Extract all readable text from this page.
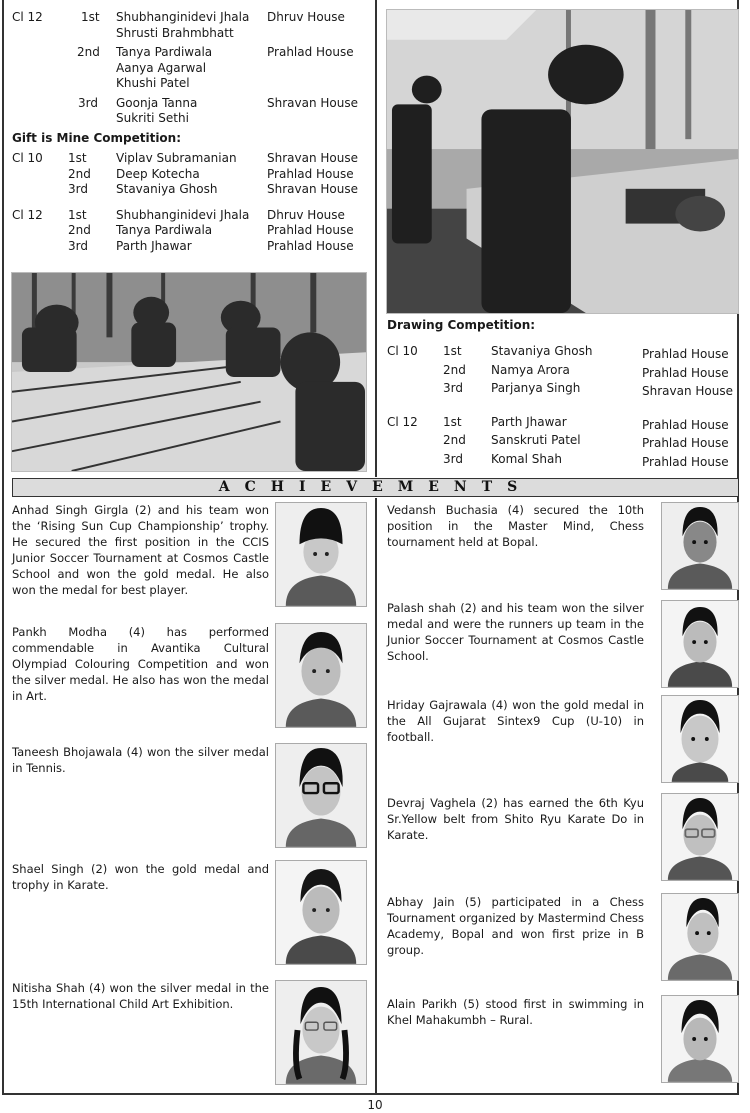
Cl 12	1st Shubhanginidevi Jhala Dhruv House
Shrusti Brahmbhatt
2nd Tanya Pardiwala	Prahlad House
Aanya Agarwal
Khushi Patel
3rd Goonja Tanna	Shravan House
Sukriti Sethi
Gift is Mine Competition:
Cl 10 1st Viplav Subramanian	Shravan House
2nd Deep Kotecha	Prahlad House
3rd Stavaniya Ghosh	Shravan House
Cl 12 1st Shubhanginidevi Jhala Dhruv House
2nd Tanya Pardiwala	Prahlad House
3rd Parth Jhawar	Prahlad House
Drawing Competition:
Cl 10 1st Stavaniya Ghosh	Prahlad House
2nd Namya Arora	Prahlad House
3rd Parjanya Singh	Shravan House
Cl 12 1st Parth Jhawar	Prahlad House
2nd Sanskruti Patel	Prahlad House
3rd Komal Shah	Prahlad House
ACHIEVEMENTS
Anhad Singh Girgla (2) and his team won the ‘Rising Sun Cup Championship’ trophy. He secured the first position in the CCIS Junior Soccer Tournament at Cosmos Castle School and won the gold medal. He also won the medal for best player.
Pankh Modha (4) has performed commendable in Avantika Cultural Olympiad Colouring Competition and won the silver medal. He also has won the medal in Art.
Taneesh Bhojawala (4) won the silver medal in Tennis.
Shael Singh (2) won the gold medal and trophy in Karate.
Nitisha Shah (4) won the silver medal in the 15th International Child Art Exhibition.
Vedansh Buchasia (4) secured the 10th position in the Master Mind, Chess tournament held at Bopal.
Palash shah (2) and his team won the silver medal and were the runners up team in the Junior Soccer Tournament at Cosmos Castle School.
Hriday Gajrawala (4) won the gold medal in the All Gujarat Sintex9 Cup (U-10) in football.
Devraj Vaghela (2) has earned the 6th Kyu Sr.Yellow belt from Shito Ryu Karate Do in Karate.
Abhay Jain (5) participated in a Chess Tournament organized by Mastermind Chess Academy, Bopal and won first prize in B group.
Alain Parikh (5) stood first in swimming in Khel Mahakumbh – Rural.
10
